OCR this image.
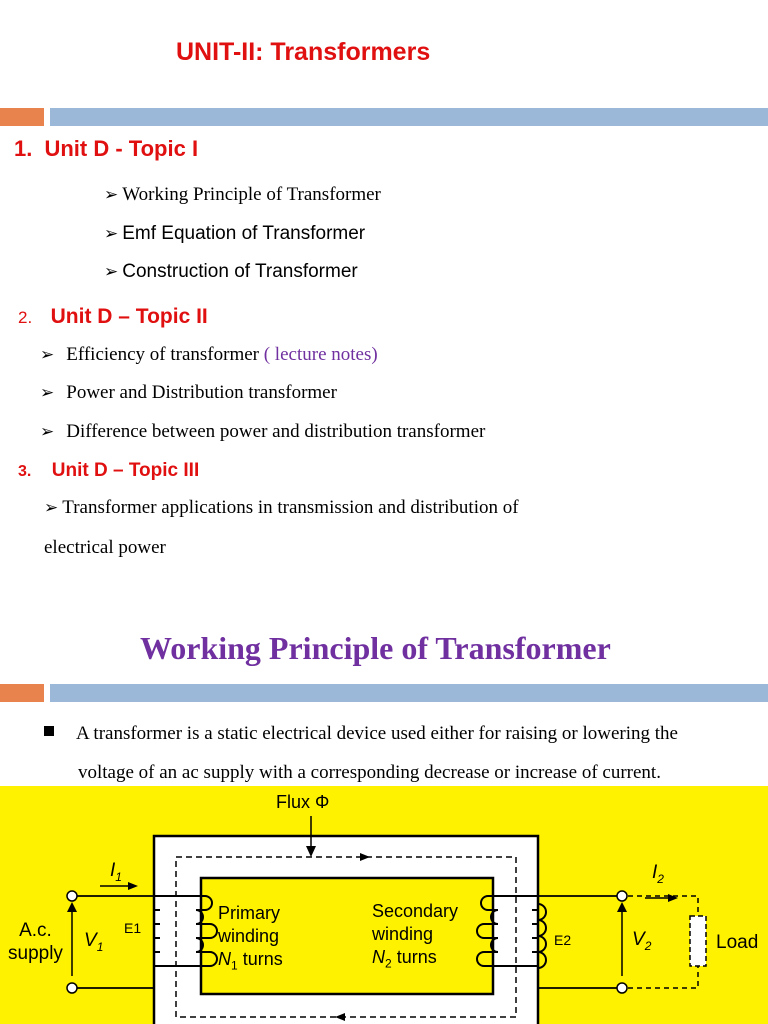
UNIT-II: Transformers
1. Unit D - Topic I
➢ Working Principle of Transformer
➢ Emf Equation of Transformer
➢ Construction of Transformer
2. Unit D – Topic II
➢ Efficiency of transformer ( lecture notes)
➢ Power and Distribution transformer
➢ Difference between power and distribution transformer
3. Unit D – Topic III
➢ Transformer applications in transmission and distribution of
electrical power
Working Principle of Transformer
A transformer is a static electrical device used either for raising or lowering the
voltage of an ac supply with a corresponding decrease or increase of current.
Flux Φ
$I_1$	$I_2$
A.c.
supply
$V_1$	$V_2$
E1
E2
Primary
winding
$N_1$ turns
Secondary
winding
$N_2$ turns
Load
